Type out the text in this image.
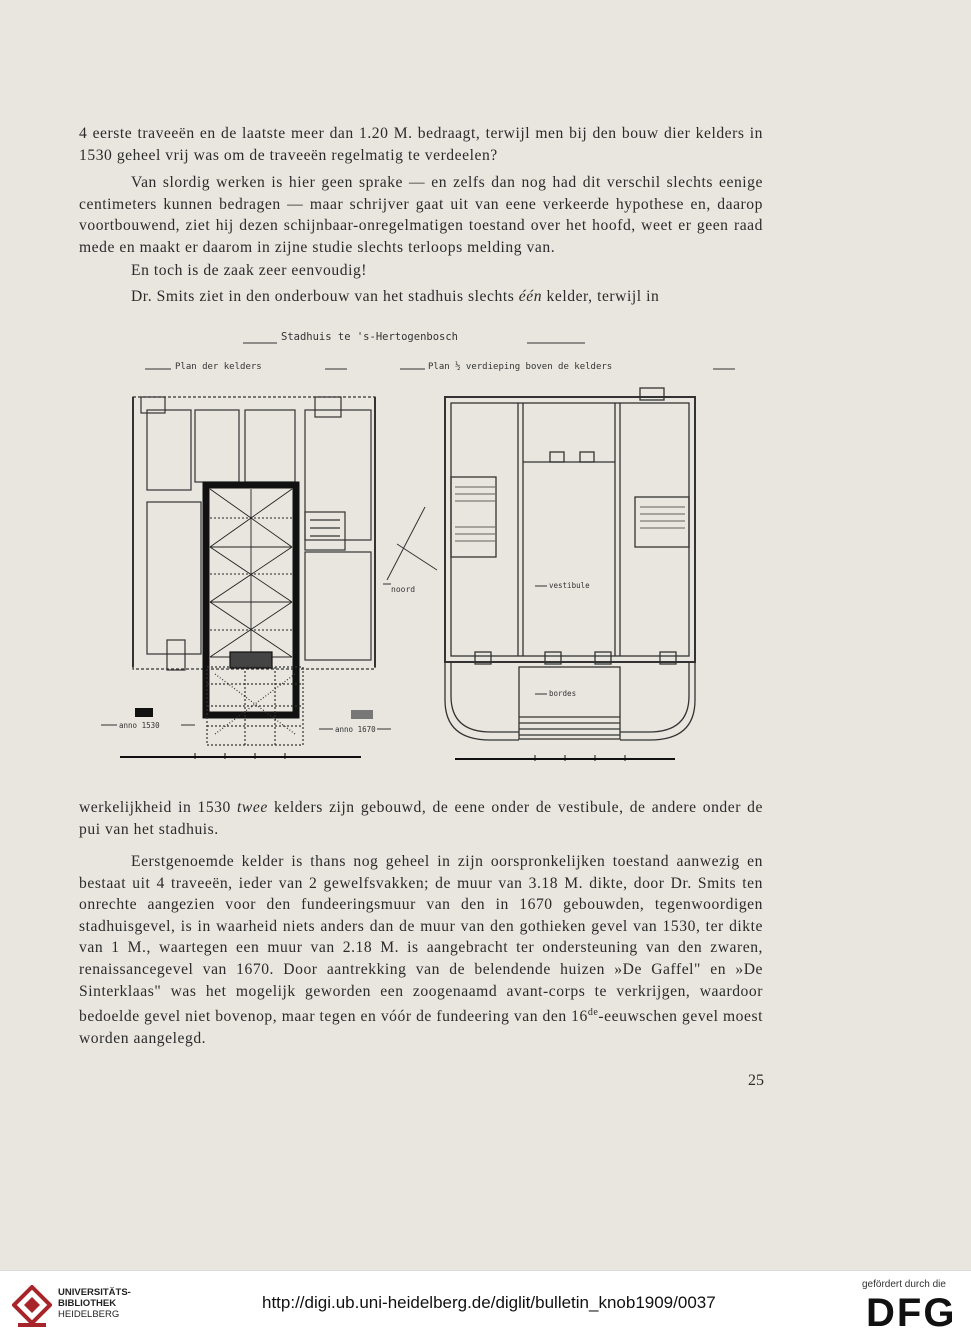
4 eerste traveeën en de laatste meer dan 1.20 M. bedraagt, terwijl men bij den bouw dier kelders in 1530 geheel vrij was om de traveeën regelmatig te verdeelen?

Van slordig werken is hier geen sprake — en zelfs dan nog had dit verschil slechts eenige centimeters kunnen bedragen — maar schrijver gaat uit van eene verkeerde hypothese en, daarop voortbouwend, ziet hij dezen schijnbaar-onregelmatigen toestand over het hoofd, weet er geen raad mede en maakt er daarom in zijne studie slechts terloops melding van.

En toch is de zaak zeer eenvoudig!

Dr. Smits ziet in den onderbouw van het stadhuis slechts één kelder, terwijl in

Stadhuis te 's-Hertogenbosch
Plan der kelders	Plan ½ verdieping boven de kelders
anno 1530	anno 1670
noord	vestibule
bordes

werkelijkheid in 1530 twee kelders zijn gebouwd, de eene onder de vestibule, de andere onder de pui van het stadhuis.

Eerstgenoemde kelder is thans nog geheel in zijn oorspronkelijken toestand aanwezig en bestaat uit 4 traveeën, ieder van 2 gewelfsvakken; de muur van 3.18 M. dikte, door Dr. Smits ten onrechte aangezien voor den fundeeringsmuur van den in 1670 gebouwden, tegenwoordigen stadhuisgevel, is in waarheid niets anders dan de muur van den gothieken gevel van 1530, ter dikte van 1 M., waartegen een muur van 2.18 M. is aangebracht ter ondersteuning van den zwaren, renaissancegevel van 1670. Door aantrekking van de belendende huizen »De Gaffel" en »De Sinterklaas" was het mogelijk geworden een zoogenaamd avant-corps te verkrijgen, waardoor bedoelde gevel niet bovenop, maar tegen en vóór de fundeering van den 16de-eeuwschen gevel moest worden aangelegd.

25
UNIVERSITÄTS-
BIBLIOTHEK
HEIDELBERG
http://digi.ub.uni-heidelberg.de/diglit/bulletin_knob1909/0037
gefördert durch die
DFG
